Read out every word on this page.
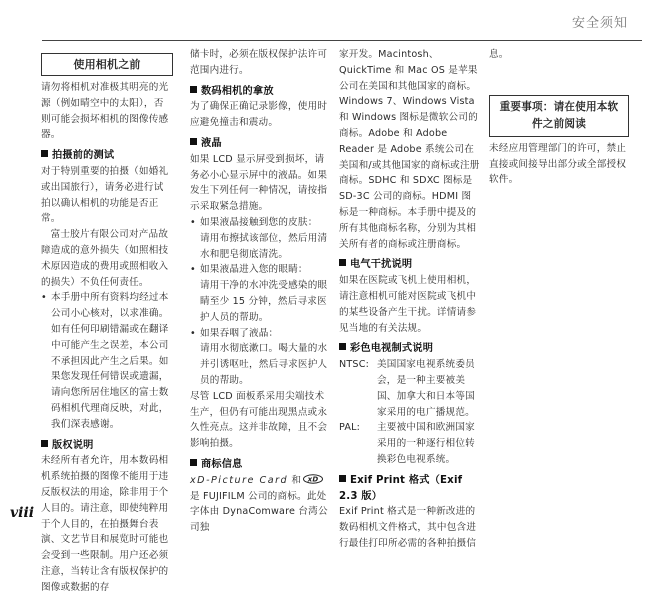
安全须知
使用相机之前

请勿将相机对准极其明亮的光源（例如晴空中的太阳），否则可能会损坏相机的图像传感器。

拍摄前的测试

对于特别重要的拍摄（如婚礼或出国旅行），请务必进行试拍以确认相机的功能是否正常。

富士胶片有限公司对产品故障造成的意外损失（如照相技术原因造成的费用或照相收入的损失）不负任何责任。

• 本手册中所有资料均经过本公司小心核对，以求准确。如有任何印刷错漏或在翻译中可能产生之误差，本公司不承担因此产生之后果。如果您发现任何错误或遗漏，请向您所居住地区的富士数码相机代理商反映，对此，我们深表感谢。

版权说明

未经所有者允许，用本数码相机系统拍摄的图像不能用于违反版权法的用途，除非用于个人目的。请注意，即使纯粹用于个人目的，在拍摄舞台表演、文艺节目和展览时可能也会受到一些限制。用户还必须注意，当转让含有版权保护的图像或数据的存

储卡时，必须在版权保护法许可范围内进行。

数码相机的拿放

为了确保正确记录影像，使用时应避免撞击和震动。

液晶

如果 LCD 显示屏受到损坏，请务必小心显示屏中的液晶。如果发生下列任何一种情况，请按指示采取紧急措施。

• 如果液晶接触到您的皮肤：

请用布擦拭该部位，然后用清水和肥皂彻底清洗。

• 如果液晶进入您的眼睛：

请用干净的水冲洗受感染的眼睛至少 15 分钟，然后寻求医护人员的帮助。

• 如果吞咽了液晶：

请用水彻底漱口。喝大量的水并引诱呕吐，然后寻求医护人员的帮助。

尽管 LCD 面板系采用尖端技术生产，但仍有可能出现黑点或永久性亮点。这并非故障，且不会影响拍摄。

商标信息

xD-Picture Card 和 xD
是 FUJIFILM 公司的商标。此处字体由 DynaComware 台湾公司独

家开发。Macintosh、QuickTime 和 Mac OS 是苹果公司在美国和其他国家的商标。Windows 7、Windows Vista 和 Windows 图标是微软公司的商标。Adobe 和 Adobe Reader 是 Adobe 系统公司在美国和/或其他国家的商标或注册商标。SDHC 和 SDXC 图标是 SD-3C 公司的商标。HDMI 图标是一种商标。本手册中提及的所有其他商标名称，分别为其相关所有者的商标或注册商标。

电气干扰说明

如果在医院或飞机上使用相机，请注意相机可能对医院或飞机中的某些设备产生干扰。详情请参见当地的有关法规。

彩色电视制式说明
NTSC: 美国国家电视系统委员会，是一种主要被美国、加拿大和日本等国家采用的电广播规范。
PAL:	主要被中国和欧洲国家采用的一种逐行相位转换彩色电视系统。
Exif Print 格式（Exif 2.3 版）

Exif Print 格式是一种新改进的数码相机文件格式，其中包含进行最佳打印所必需的各种拍摄信

息。

重要事项：请在使用本软件之前阅读

未经应用管理部门的许可，禁止直接或间接导出部分或全部授权软件。

viii
